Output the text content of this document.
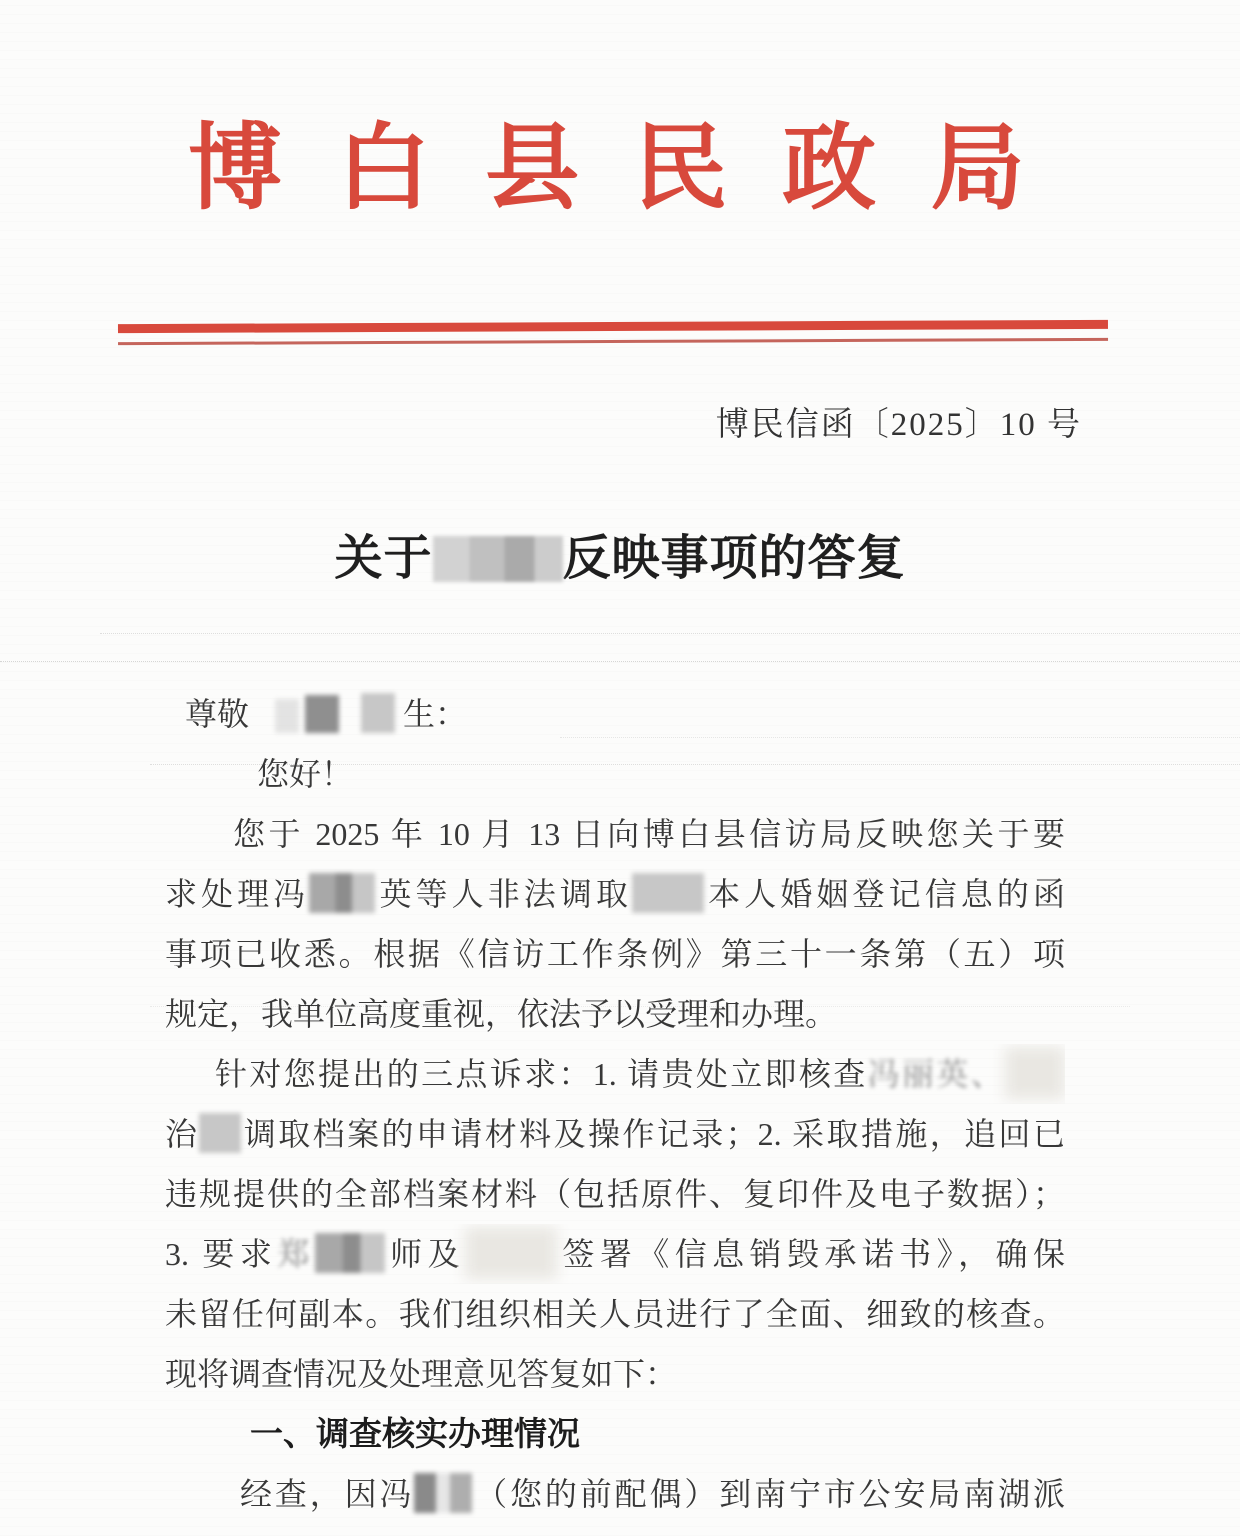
博白县民政局
博民信函〔2025〕10 号
关于	反映事项的答复
尊敬	生：
您好！
您于 2025 年 10 月 13 日向博白县信访局反映您关于要
求处理冯 英等人非法调取 本人婚姻登记信息的函
事项已收悉。根据《信访工作条例》第三十一条第（五）项
规定，我单位高度重视，依法予以受理和办理。
针对您提出的三点诉求：1. 请贵处立即核查冯丽英、
治 调取档案的申请材料及操作记录；2. 采取措施，追回已
违规提供的全部档案材料（包括原件、复印件及电子数据）；
3. 要求郑 师及	签署《信息销毁承诺书》，确保
未留任何副本。我们组织相关人员进行了全面、细致的核查。
现将调查情况及处理意见答复如下：
一、调查核实办理情况
经查，因冯 （您的前配偶）到南宁市公安局南湖派
